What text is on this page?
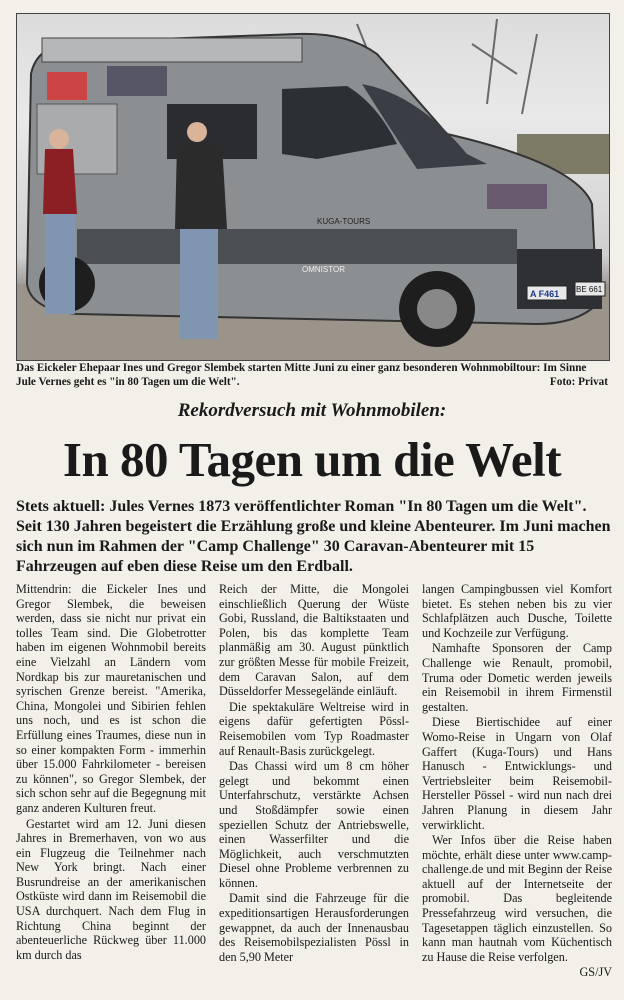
KUGA-TOURS
OMNISTOR
A F461 BE 661
Das Eickeler Ehepaar Ines und Gregor Slembek starten Mitte Juni zu einer ganz besonderen Wohnmobiltour: Im Sinne Jule Vernes geht es "in 80 Tagen um die Welt".	Foto: Privat
Rekordversuch mit Wohnmobilen:
In 80 Tagen um die Welt
Stets aktuell: Jules Vernes 1873 veröffentlichter Roman "In 80 Tagen um die Welt". Seit 130 Jahren begeistert die Erzählung große und kleine Abenteurer. Im Juni machen sich nun im Rahmen der "Camp Challenge" 30 Caravan-Abenteurer mit 15 Fahrzeugen auf eben diese Reise um den Erdball.

Mittendrin: die Eickeler Ines und Gregor Slembek, die beweisen werden, dass sie nicht nur privat ein tolles Team sind. Die Globetrotter haben im eigenen Wohnmobil bereits eine Vielzahl an Ländern vom Nordkap bis zur mauretanischen und syrischen Grenze bereist. "Amerika, China, Mongolei und Sibirien fehlen uns noch, und es ist schon die Erfüllung eines Traumes, diese nun in so einer kompakten Form - immerhin über 15.000 Fahrkilometer - bereisen zu können", so Gregor Slembek, der sich schon sehr auf die Begegnung mit ganz anderen Kulturen freut.

Gestartet wird am 12. Juni diesen Jahres in Bremerhaven, von wo aus ein Flugzeug die Teilnehmer nach New York bringt. Nach einer Busrundreise an der amerikanischen Ostküste wird dann im Reisemobil die USA durchquert. Nach dem Flug in Richtung China beginnt der abenteuerliche Rückweg über 11.000 km durch das

Reich der Mitte, die Mongolei einschließlich Querung der Wüste Gobi, Russland, die Baltikstaaten und Polen, bis das komplette Team planmäßig am 30. August pünktlich zur größten Messe für mobile Freizeit, dem Caravan Salon, auf dem Düsseldorfer Messegelände einläuft.

Die spektakuläre Weltreise wird in eigens dafür gefertigten Pössl-Reisemobilen vom Typ Roadmaster auf Renault-Basis zurückgelegt.

Das Chassi wird um 8 cm höher gelegt und bekommt einen Unterfahrschutz, verstärkte Achsen und Stoßdämpfer sowie einen speziellen Schutz der Antriebswelle, einen Wasserfilter und die Möglichkeit, auch verschmutzten Diesel ohne Probleme verbrennen zu können.

Damit sind die Fahrzeuge für die expeditionsartigen Herausforderungen gewappnet, da auch der Innenausbau des Reisemobilspezialisten Pössl in den 5,90 Meter

langen Campingbussen viel Komfort bietet. Es stehen neben bis zu vier Schlafplätzen auch Dusche, Toilette und Kochzeile zur Verfügung.

Namhafte Sponsoren der Camp Challenge wie Renault, promobil, Truma oder Dometic werden jeweils ein Reisemobil in ihrem Firmenstil gestalten.

Diese Biertischidee auf einer Womo-Reise in Ungarn von Olaf Gaffert (Kuga-Tours) und Hans Hanusch - Entwicklungs- und Vertriebsleiter beim Reisemobil-Hersteller Pössel - wird nun nach drei Jahren Planung in diesem Jahr verwirklicht.

Wer Infos über die Reise haben möchte, erhält diese unter www.camp-challenge.de und mit Beginn der Reise aktuell auf der Internetseite der promobil. Das begleitende Pressefahrzeug wird versuchen, die Tagesetappen täglich einzustellen. So kann man hautnah vom Küchentisch zu Hause die Reise verfolgen.

GS/JV
